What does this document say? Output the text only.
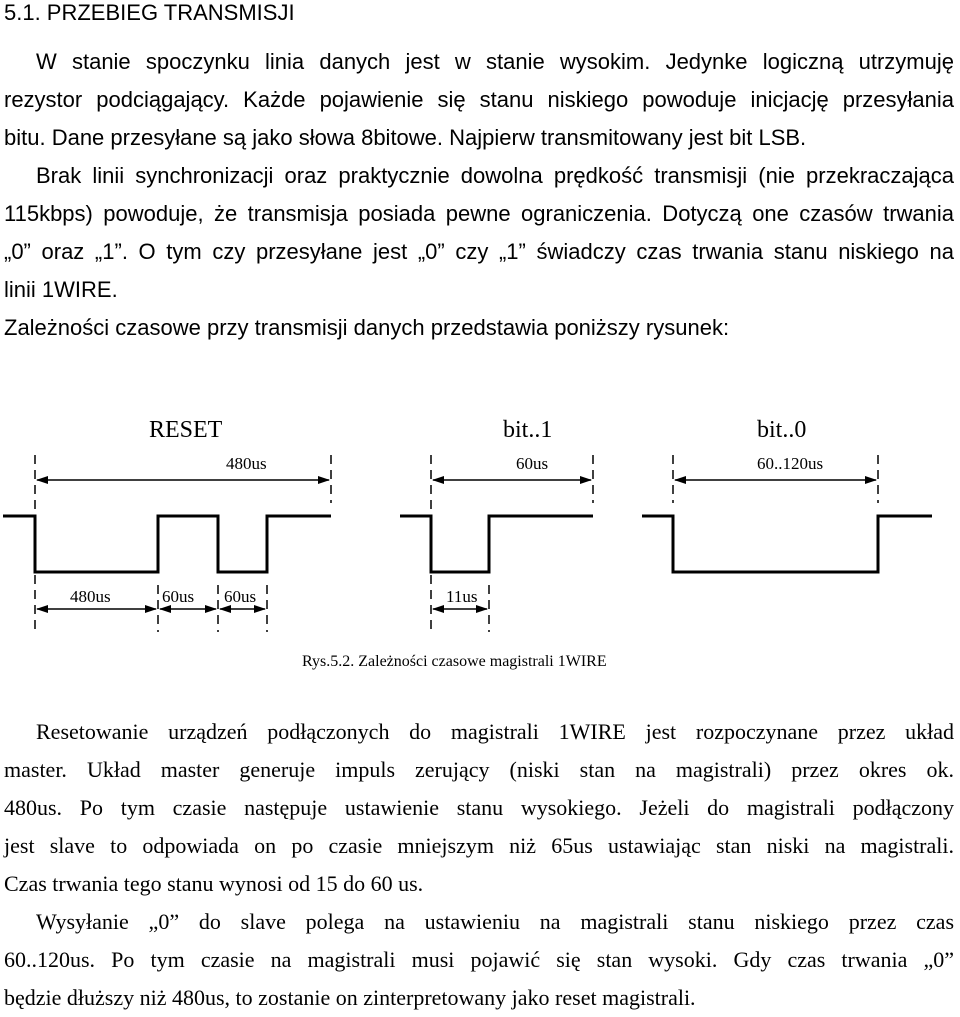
5.1. PRZEBIEG TRANSMISJI
W stanie spoczynku linia danych jest w stanie wysokim. Jedynke logiczną utrzymuję
rezystor podciągający. Każde pojawienie się stanu niskiego powoduje inicjację przesyłania
bitu. Dane przesyłane są jako słowa 8bitowe. Najpierw transmitowany jest bit LSB.
Brak linii synchronizacji oraz praktycznie dowolna prędkość transmisji (nie przekraczająca
115kbps) powoduje, że transmisja posiada pewne ograniczenia. Dotyczą one czasów trwania
„0” oraz „1”. O tym czy przesyłane jest „0” czy „1” świadczy czas trwania stanu niskiego na
linii 1WIRE.
Zależności czasowe przy transmisji danych przedstawia poniższy rysunek:
RESET	bit..1	bit..0
480us	60us	60..120us
480us	60us 60us	11us
Rys.5.2. Zależności czasowe magistrali 1WIRE
Resetowanie urządzeń podłączonych do magistrali 1WIRE jest rozpoczynane przez układ
master. Układ master generuje impuls zerujący (niski stan na magistrali) przez okres ok.
480us. Po tym czasie następuje ustawienie stanu wysokiego. Jeżeli do magistrali podłączony
jest slave to odpowiada on po czasie mniejszym niż 65us ustawiając stan niski na magistrali.
Czas trwania tego stanu wynosi od 15 do 60 us.
Wysyłanie „0” do slave polega na ustawieniu na magistrali stanu niskiego przez czas
60..120us. Po tym czasie na magistrali musi pojawić się stan wysoki. Gdy czas trwania „0”
będzie dłuższy niż 480us, to zostanie on zinterpretowany jako reset magistrali.
